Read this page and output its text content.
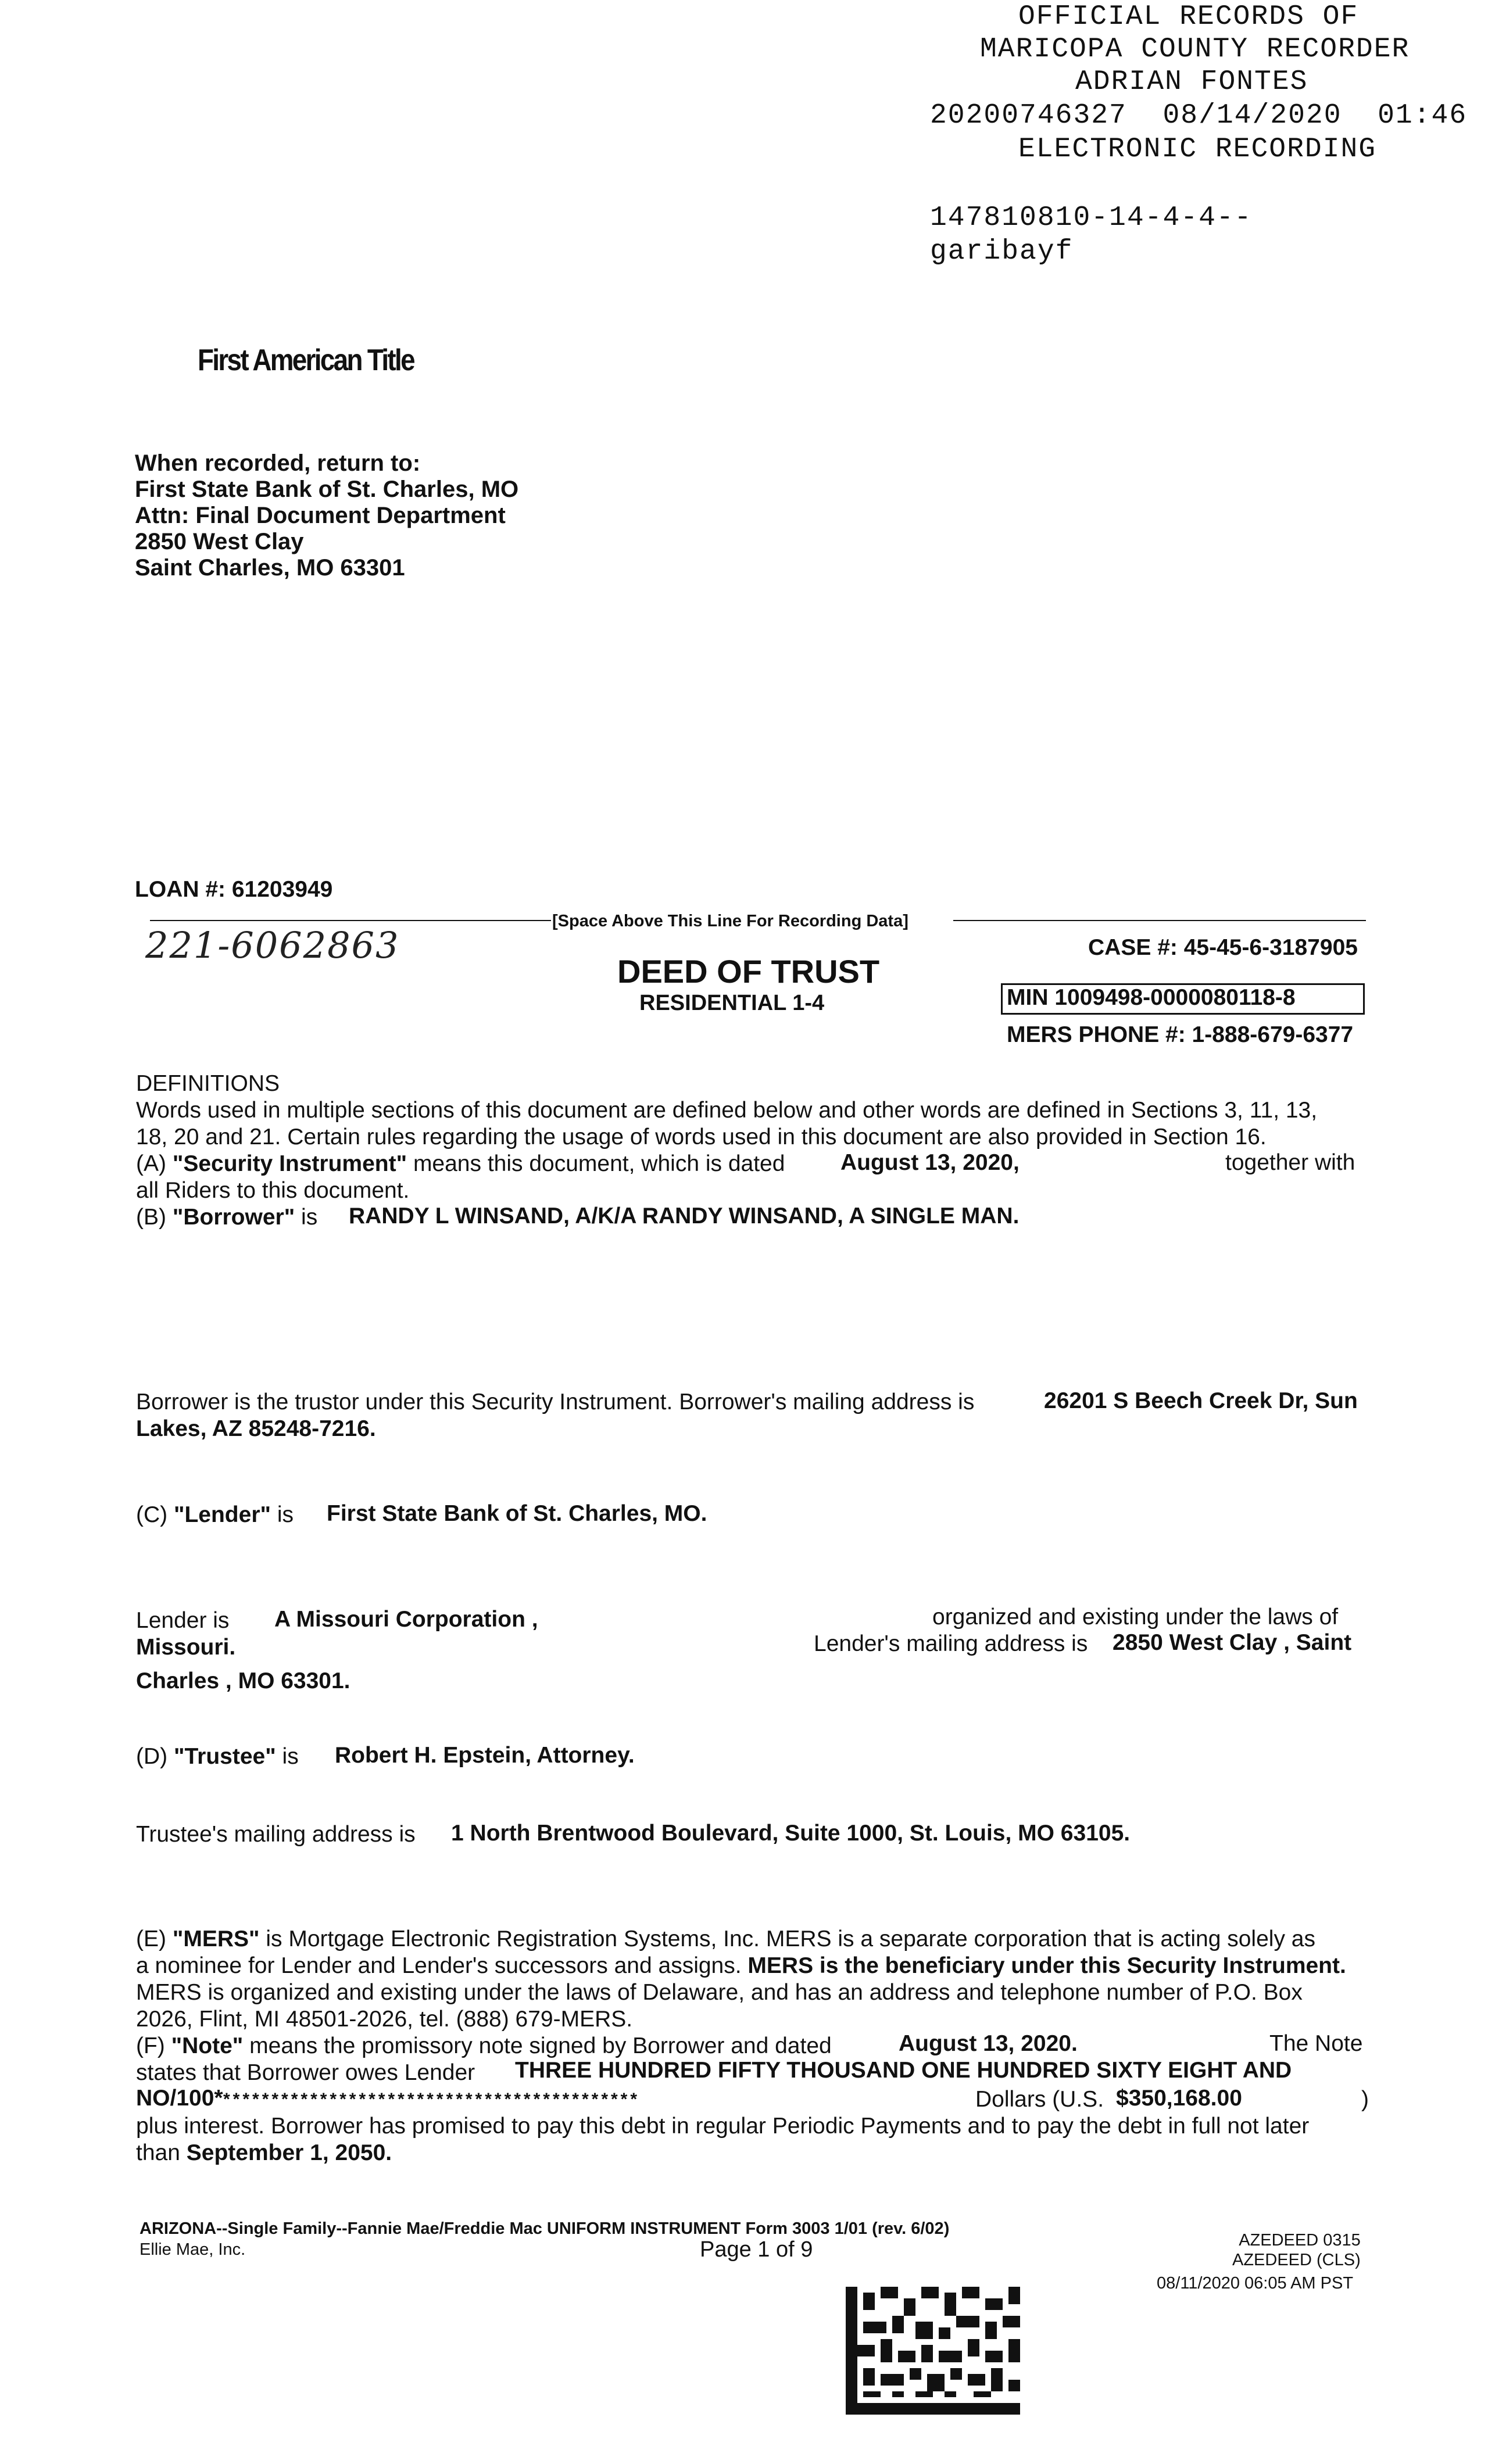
OFFICIAL RECORDS OF
MARICOPA COUNTY RECORDER
ADRIAN FONTES
20200746327  08/14/2020  01:46
ELECTRONIC RECORDING
147810810-14-4-4--
garibayf
First American Title
When recorded, return to:
First State Bank of St. Charles, MO
Attn: Final Document Department
2850 West Clay
Saint Charles, MO 63301
LOAN #: 61203949
[Space Above This Line For Recording Data]
221-6062863	CASE #: 45-45-6-3187905
DEED OF TRUST
RESIDENTIAL 1-4	MIN 1009498-0000080118-8
MERS PHONE #: 1-888-679-6377
DEFINITIONS
Words used in multiple sections of this document are defined below and other words are defined in Sections 3, 11, 13,
18, 20 and 21. Certain rules regarding the usage of words used in this document are also provided in Section 16.
(A) "Security Instrument" means this document, which is dated August 13, 2020,	together with
all Riders to this document.
(B) "Borrower" is RANDY L WINSAND, A/K/A RANDY WINSAND, A SINGLE MAN.
Borrower is the trustor under this Security Instrument. Borrower's mailing address is	26201 S Beech Creek Dr, Sun
Lakes, AZ 85248-7216.
(C) "Lender" is First State Bank of St. Charles, MO.
Lender is A Missouri Corporation ,	organized and existing under the laws of
Missouri.	Lender's mailing address is 2850 West Clay , Saint
Charles , MO 63301.
(D) "Trustee" is Robert H. Epstein, Attorney.
Trustee's mailing address is 1 North Brentwood Boulevard, Suite 1000, St. Louis, MO 63105.
(E) "MERS" is Mortgage Electronic Registration Systems, Inc. MERS is a separate corporation that is acting solely as
a nominee for Lender and Lender's successors and assigns. MERS is the beneficiary under this Security Instrument.
MERS is organized and existing under the laws of Delaware, and has an address and telephone number of P.O. Box
2026, Flint, MI 48501-2026, tel. (888) 679-MERS.
(F) "Note" means the promissory note signed by Borrower and dated	August 13, 2020.	The Note
states that Borrower owes Lender THREE HUNDRED FIFTY THOUSAND ONE HUNDRED SIXTY EIGHT AND
NO/100* *******************************************	Dollars (U.S. $350,168.00	)
plus interest. Borrower has promised to pay this debt in regular Periodic Payments and to pay the debt in full not later
than September 1, 2050.
ARIZONA--Single Family--Fannie Mae/Freddie Mac UNIFORM INSTRUMENT Form 3003 1/01 (rev. 6/02)
Ellie Mae, Inc.	Page 1 of 9	AZEDEED 0315
AZEDEED (CLS)
08/11/2020 06:05 AM PST
